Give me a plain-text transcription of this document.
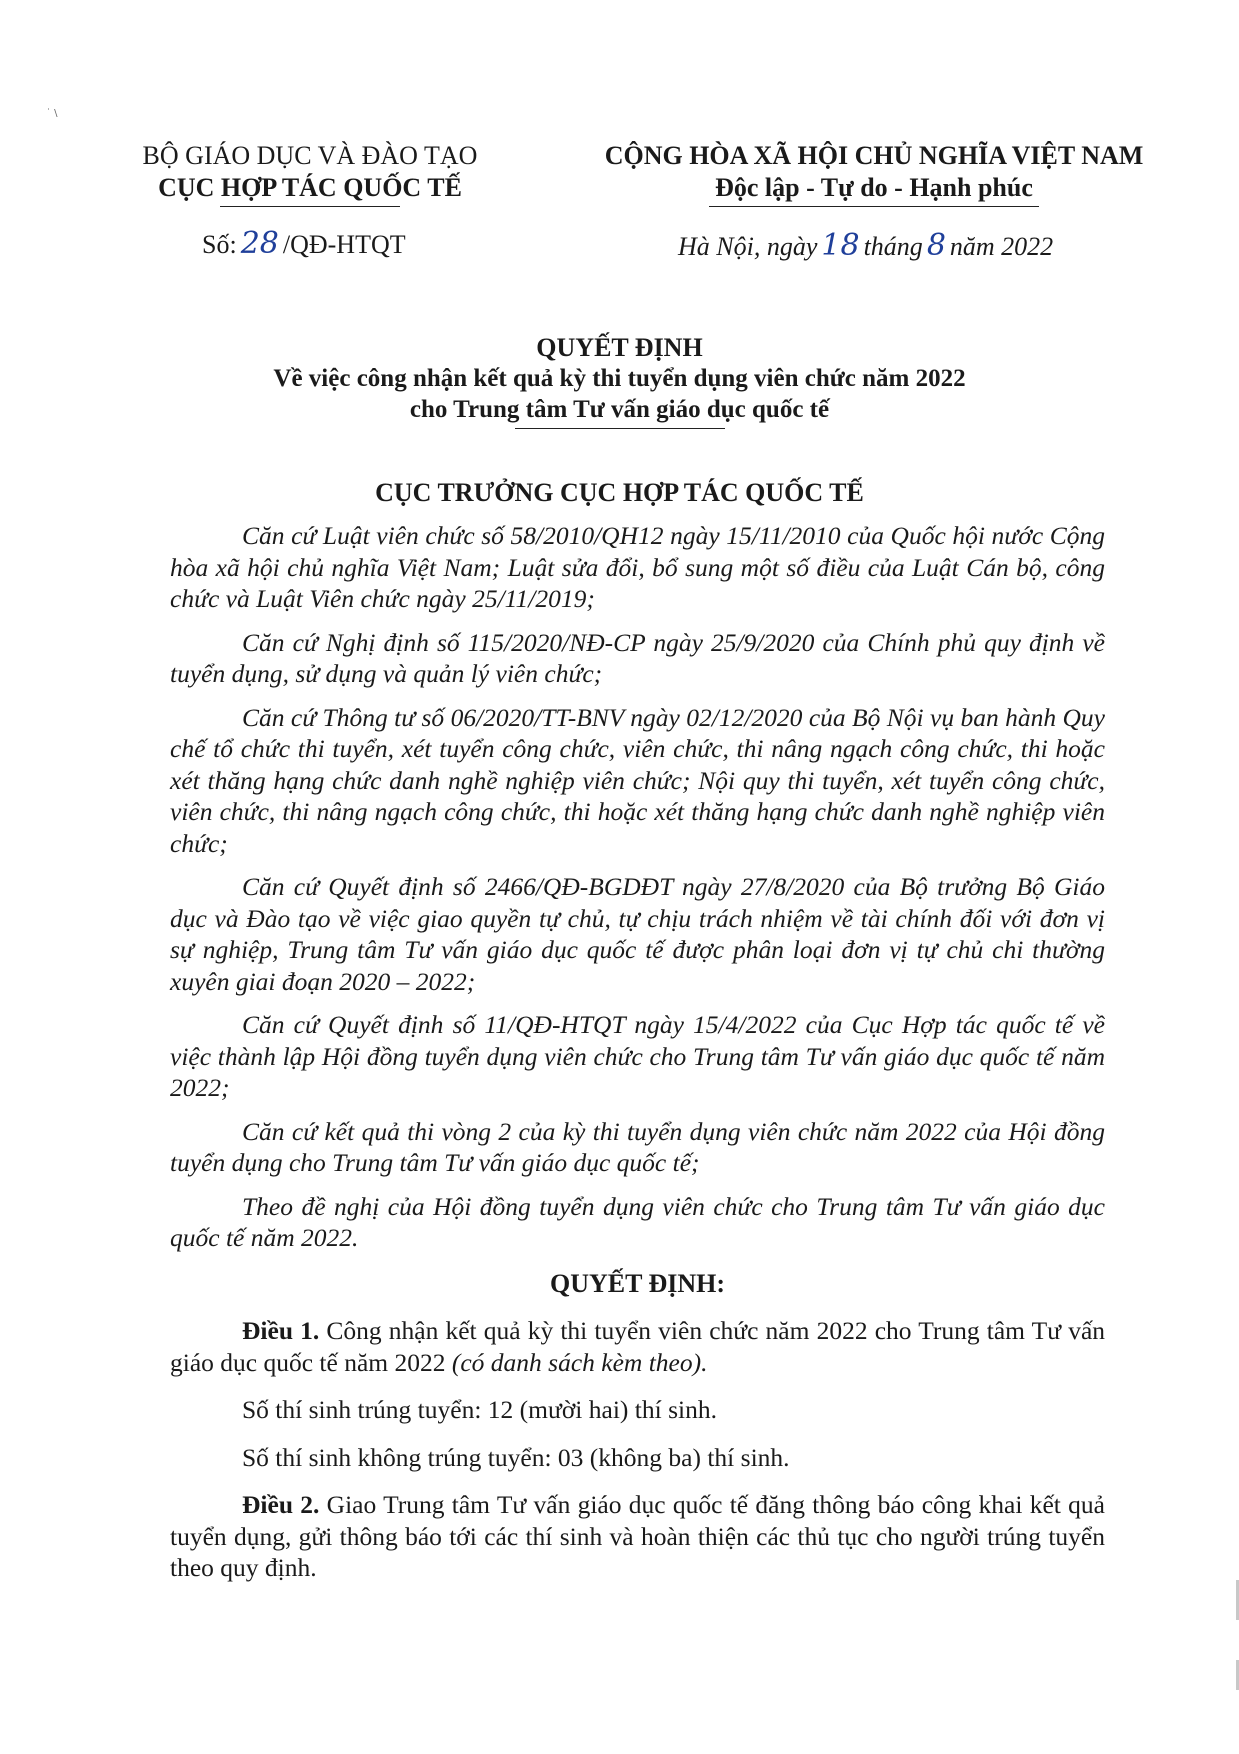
˙ \
BỘ GIÁO DỤC VÀ ĐÀO TẠO
CỤC HỢP TÁC QUỐC TẾ
CỘNG HÒA XÃ HỘI CHỦ NGHĨA VIỆT NAM
Độc lập - Tự do - Hạnh phúc
Số: 28 /QĐ-HTQT	Hà Nội, ngày 18 tháng 8 năm 2022
QUYẾT ĐỊNH
Về việc công nhận kết quả kỳ thi tuyển dụng viên chức năm 2022
cho Trung tâm Tư vấn giáo dục quốc tế
CỤC TRƯỞNG CỤC HỢP TÁC QUỐC TẾ

Căn cứ Luật viên chức số 58/2010/QH12 ngày 15/11/2010 của Quốc hội nước Cộng hòa xã hội chủ nghĩa Việt Nam; Luật sửa đổi, bổ sung một số điều của Luật Cán bộ, công chức và Luật Viên chức ngày 25/11/2019;

Căn cứ Nghị định số 115/2020/NĐ-CP ngày 25/9/2020 của Chính phủ quy định về tuyển dụng, sử dụng và quản lý viên chức;

Căn cứ Thông tư số 06/2020/TT-BNV ngày 02/12/2020 của Bộ Nội vụ ban hành Quy chế tổ chức thi tuyển, xét tuyển công chức, viên chức, thi nâng ngạch công chức, thi hoặc xét thăng hạng chức danh nghề nghiệp viên chức; Nội quy thi tuyển, xét tuyển công chức, viên chức, thi nâng ngạch công chức, thi hoặc xét thăng hạng chức danh nghề nghiệp viên chức;

Căn cứ Quyết định số 2466/QĐ-BGDĐT ngày 27/8/2020 của Bộ trưởng Bộ Giáo dục và Đào tạo về việc giao quyền tự chủ, tự chịu trách nhiệm về tài chính đối với đơn vị sự nghiệp, Trung tâm Tư vấn giáo dục quốc tế được phân loại đơn vị tự chủ chi thường xuyên giai đoạn 2020 – 2022;

Căn cứ Quyết định số 11/QĐ-HTQT ngày 15/4/2022 của Cục Hợp tác quốc tế về việc thành lập Hội đồng tuyển dụng viên chức cho Trung tâm Tư vấn giáo dục quốc tế năm 2022;

Căn cứ kết quả thi vòng 2 của kỳ thi tuyển dụng viên chức năm 2022 của Hội đồng tuyển dụng cho Trung tâm Tư vấn giáo dục quốc tế;

Theo đề nghị của Hội đồng tuyển dụng viên chức cho Trung tâm Tư vấn giáo dục quốc tế năm 2022.

QUYẾT ĐỊNH:

Điều 1. Công nhận kết quả kỳ thi tuyển viên chức năm 2022 cho Trung tâm Tư vấn giáo dục quốc tế năm 2022 (có danh sách kèm theo).

Số thí sinh trúng tuyển: 12 (mười hai) thí sinh.

Số thí sinh không trúng tuyển: 03 (không ba) thí sinh.

Điều 2. Giao Trung tâm Tư vấn giáo dục quốc tế đăng thông báo công khai kết quả tuyển dụng, gửi thông báo tới các thí sinh và hoàn thiện các thủ tục cho người trúng tuyển theo quy định.
